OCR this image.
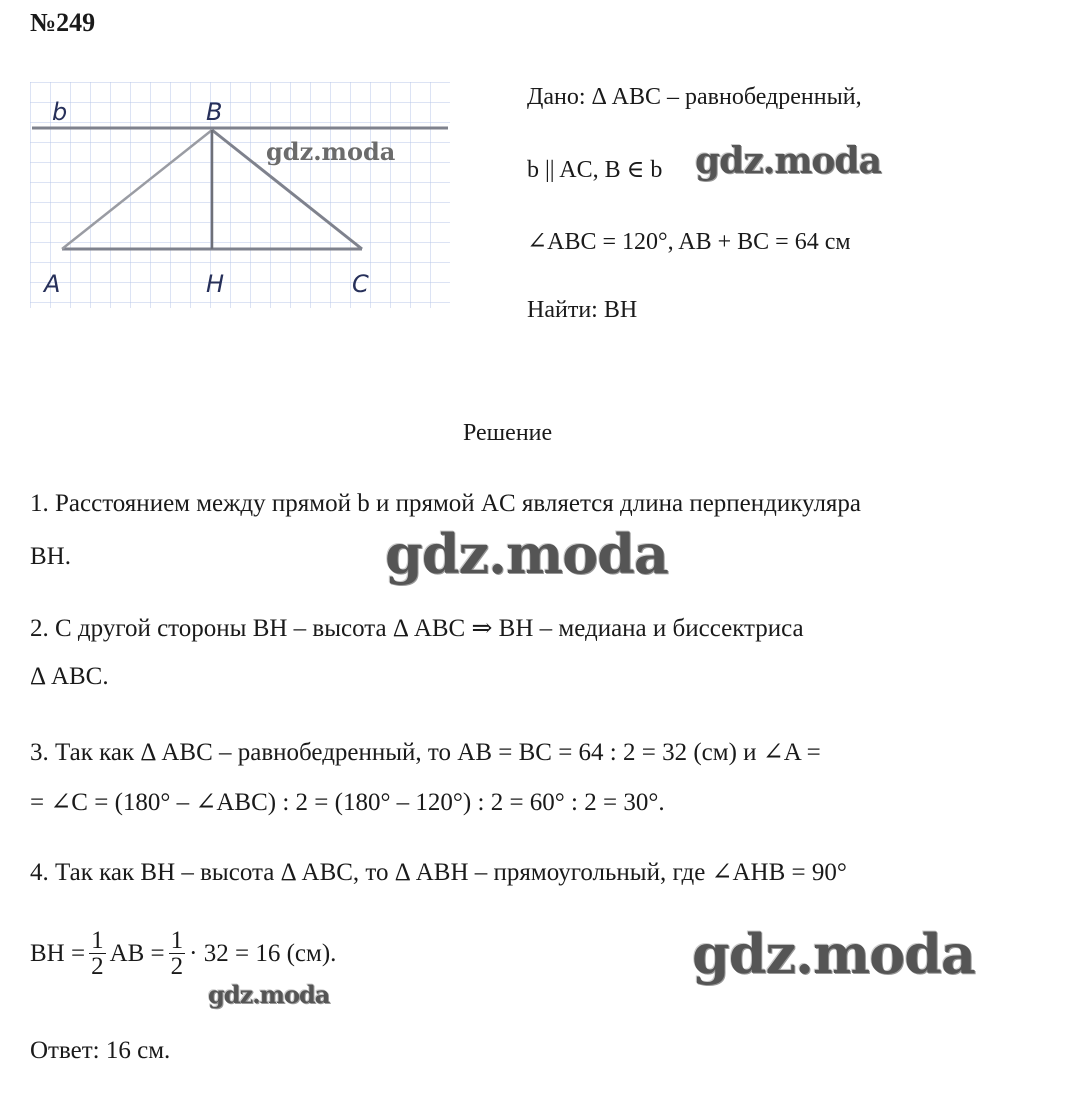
№249
b	B
A	H	C
gdz.moda
Дано: Δ ABC – равнобедренный,
b || AC, B ∈ b
∠ABC = 120°, AB + BC = 64 см
Найти: BH
gdz.moda
Решение
1. Расстоянием между прямой b и прямой AC является длина перпендикуляра
BH.	gdz.moda
2. С другой стороны BH – высота Δ ABC ⇒ BH – медиана и биссектриса
Δ ABC.
3. Так как Δ ABC – равнобедренный, то AB = BC = 64 : 2 = 32 (см) и ∠A =
= ∠C = (180° – ∠ABC) : 2 = (180° – 120°) : 2 = 60° : 2 = 30°.
4. Так как BH – высота Δ ABC, то Δ ABH – прямоугольный, где ∠AHB = 90°
BH = $\frac{1}{2}$ AB = $\frac{1}{2} \cdot 32 = 16$ (см).	gdz.moda
gdz.moda
Ответ: 16 см.
